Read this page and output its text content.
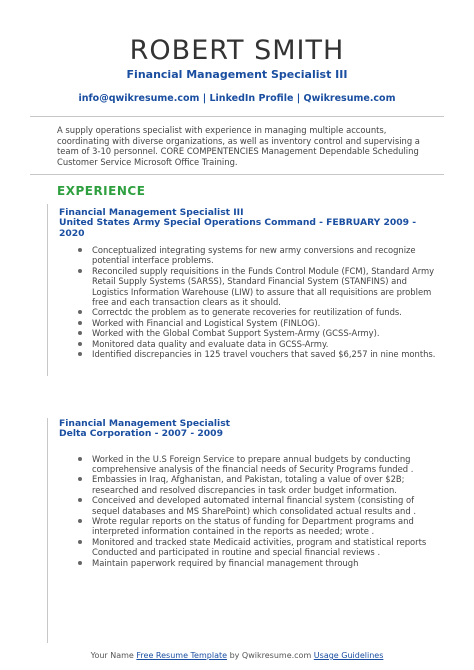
ROBERT SMITH
Financial Management Specialist III
info@qwikresume.com | LinkedIn Profile | Qwikresume.com
A supply operations specialist with experience in managing multiple accounts, coordinating with diverse organizations, as well as inventory control and supervising a team of 3-10 personnel. CORE COMPENTENCIES Management Dependable Scheduling Customer Service Microsoft Office Training.
EXPERIENCE
Financial Management Specialist III
United States Army Special Operations Command - FEBRUARY 2009 - 2020
Conceptualized integrating systems for new army conversions and recognize potential interface problems.
Reconciled supply requisitions in the Funds Control Module (FCM), Standard Army Retail Supply Systems (SARSS), Standard Financial System (STANFINS) and Logistics Information Warehouse (LIW) to assure that all requisitions are problem free and each transaction clears as it should.
Correctdc the problem as to generate recoveries for reutilization of funds.
Worked with Financial and Logistical System (FINLOG).
Worked with the Global Combat Support System-Army (GCSS-Army).
Monitored data quality and evaluate data in GCSS-Army.
Identified discrepancies in 125 travel vouchers that saved $6,257 in nine months.
Financial Management Specialist
Delta Corporation - 2007 - 2009
Worked in the U.S Foreign Service to prepare annual budgets by conducting comprehensive analysis of the financial needs of Security Programs funded .
Embassies in Iraq, Afghanistan, and Pakistan, totaling a value of over $2B; researched and resolved discrepancies in task order budget information.
Conceived and developed automated internal financial system (consisting of sequel databases and MS SharePoint) which consolidated actual results and .
Wrote regular reports on the status of funding for Department programs and interpreted information contained in the reports as needed; wrote .
Monitored and tracked state Medicaid activities, program and statistical reports Conducted and participated in routine and special financial reviews .
Maintain paperwork required by financial management through
Your Name Free Resume Template by Qwikresume.com Usage Guidelines
